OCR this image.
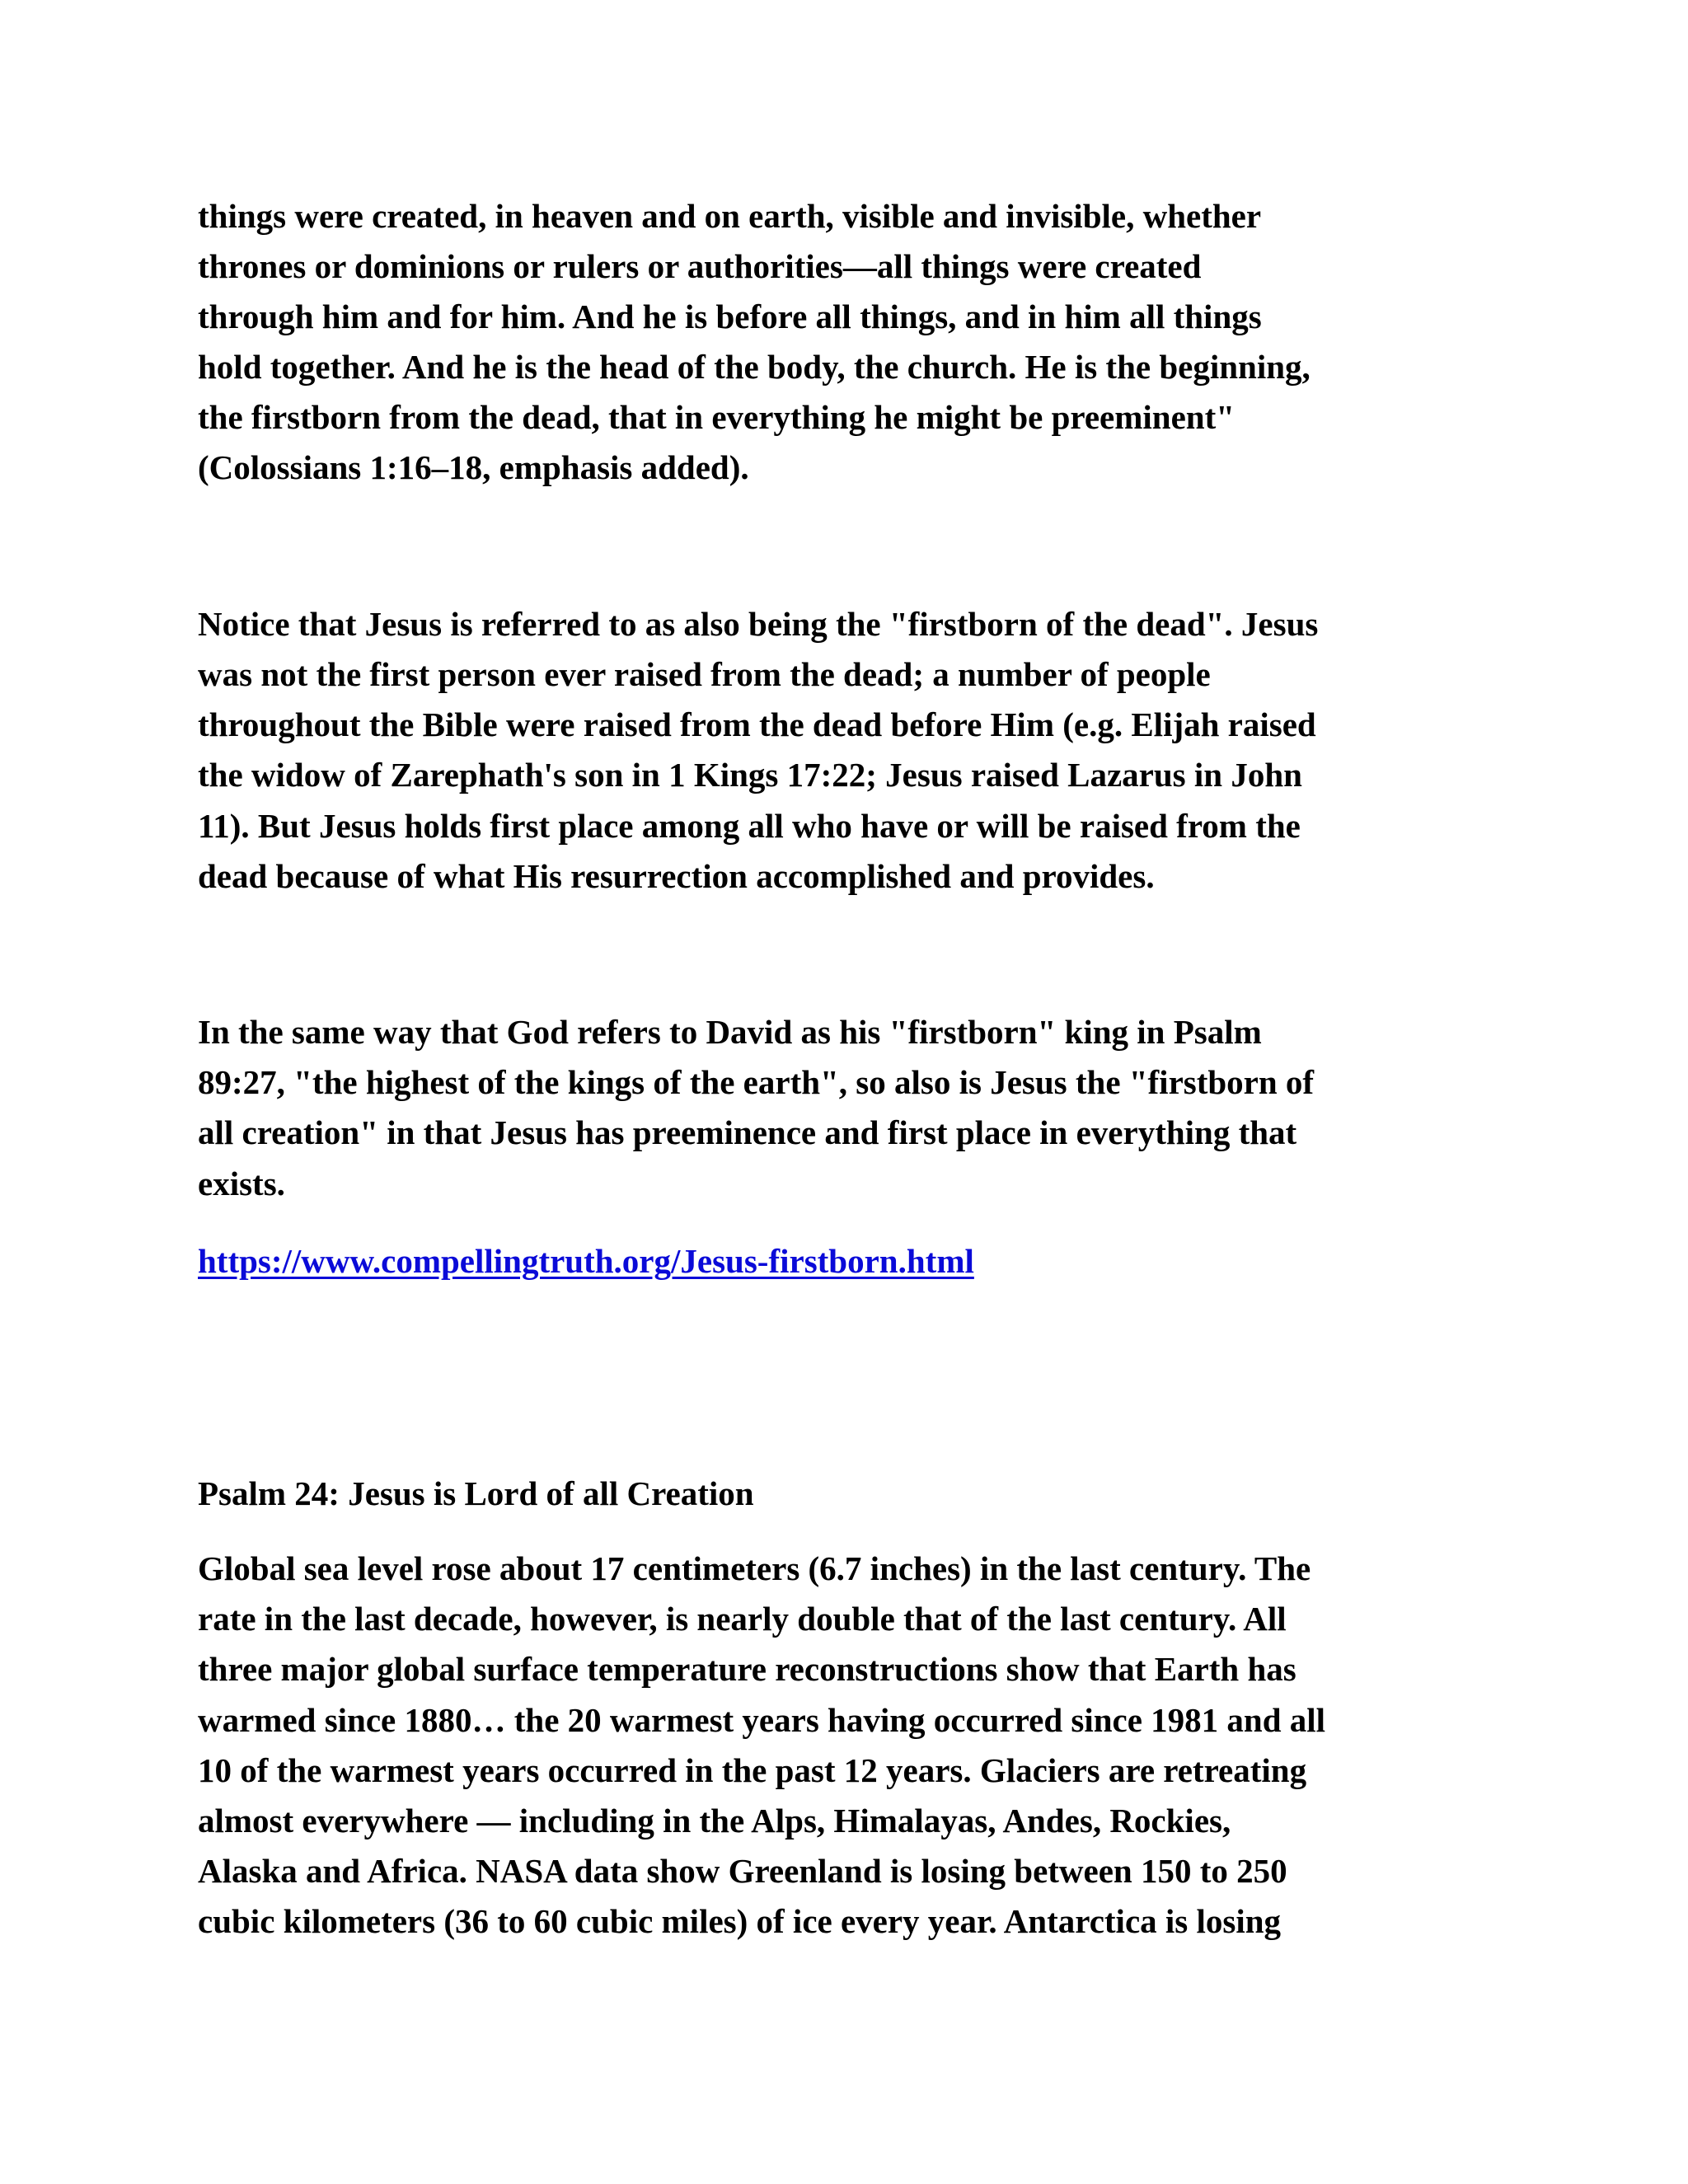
things were created, in heaven and on earth, visible and invisible, whether
thrones or dominions or rulers or authorities—all things were created
through him and for him. And he is before all things, and in him all things
hold together. And he is the head of the body, the church. He is the beginning,
the firstborn from the dead, that in everything he might be preeminent"
(Colossians 1:16–18, emphasis added).
Notice that Jesus is referred to as also being the "firstborn of the dead". Jesus
was not the first person ever raised from the dead; a number of people
throughout the Bible were raised from the dead before Him (e.g. Elijah raised
the widow of Zarephath's son in 1 Kings 17:22; Jesus raised Lazarus in John
11). But Jesus holds first place among all who have or will be raised from the
dead because of what His resurrection accomplished and provides.
In the same way that God refers to David as his "firstborn" king in Psalm
89:27, "the highest of the kings of the earth", so also is Jesus the "firstborn of
all creation" in that Jesus has preeminence and first place in everything that
exists.
https://www.compellingtruth.org/Jesus-firstborn.html
Psalm 24: Jesus is Lord of all Creation
Global sea level rose about 17 centimeters (6.7 inches) in the last century. The
rate in the last decade, however, is nearly double that of the last century. All
three major global surface temperature reconstructions show that Earth has
warmed since 1880… the 20 warmest years having occurred since 1981 and all
10 of the warmest years occurred in the past 12 years. Glaciers are retreating
almost everywhere — including in the Alps, Himalayas, Andes, Rockies,
Alaska and Africa. NASA data show Greenland is losing between 150 to 250
cubic kilometers (36 to 60 cubic miles) of ice every year. Antarctica is losing
